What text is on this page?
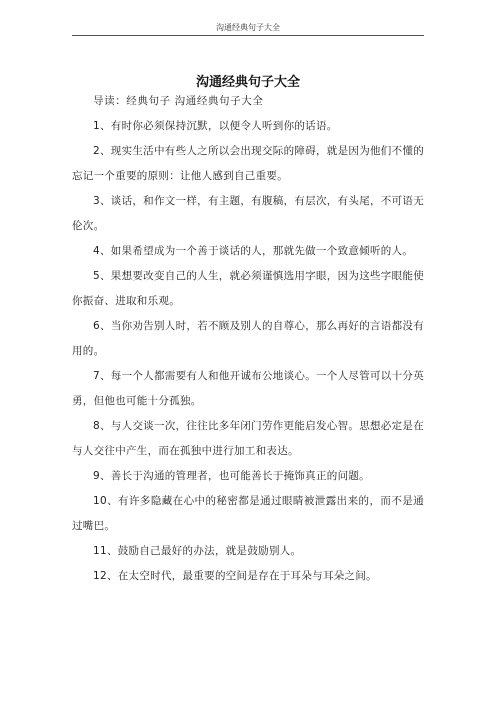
沟通经典句子大全
沟通经典句子大全

导读：经典句子 沟通经典句子大全

1、有时你必须保持沉默，以便令人听到你的话语。

2、现实生活中有些人之所以会出现交际的障碍，就是因为他们不懂的忘记一个重要的原则：让他人感到自己重要。

3、谈话，和作文一样，有主题，有腹稿，有层次，有头尾，不可语无伦次。

4、如果希望成为一个善于谈话的人，那就先做一个致意倾听的人。

5、果想要改变自己的人生，就必须谨慎选用字眼，因为这些字眼能使你振奋、进取和乐观。

6、当你劝告别人时，若不顾及别人的自尊心，那么再好的言语都没有用的。

7、每一个人都需要有人和他开诚布公地谈心。一个人尽管可以十分英勇，但他也可能十分孤独。

8、与人交谈一次，往往比多年闭门劳作更能启发心智。思想必定是在与人交往中产生，而在孤独中进行加工和表达。

9、善长于沟通的管理者，也可能善长于掩饰真正的问题。

10、有许多隐藏在心中的秘密都是通过眼睛被泄露出来的，而不是通过嘴巴。

11、鼓励自己最好的办法，就是鼓励别人。

12、在太空时代，最重要的空间是存在于耳朵与耳朵之间。
